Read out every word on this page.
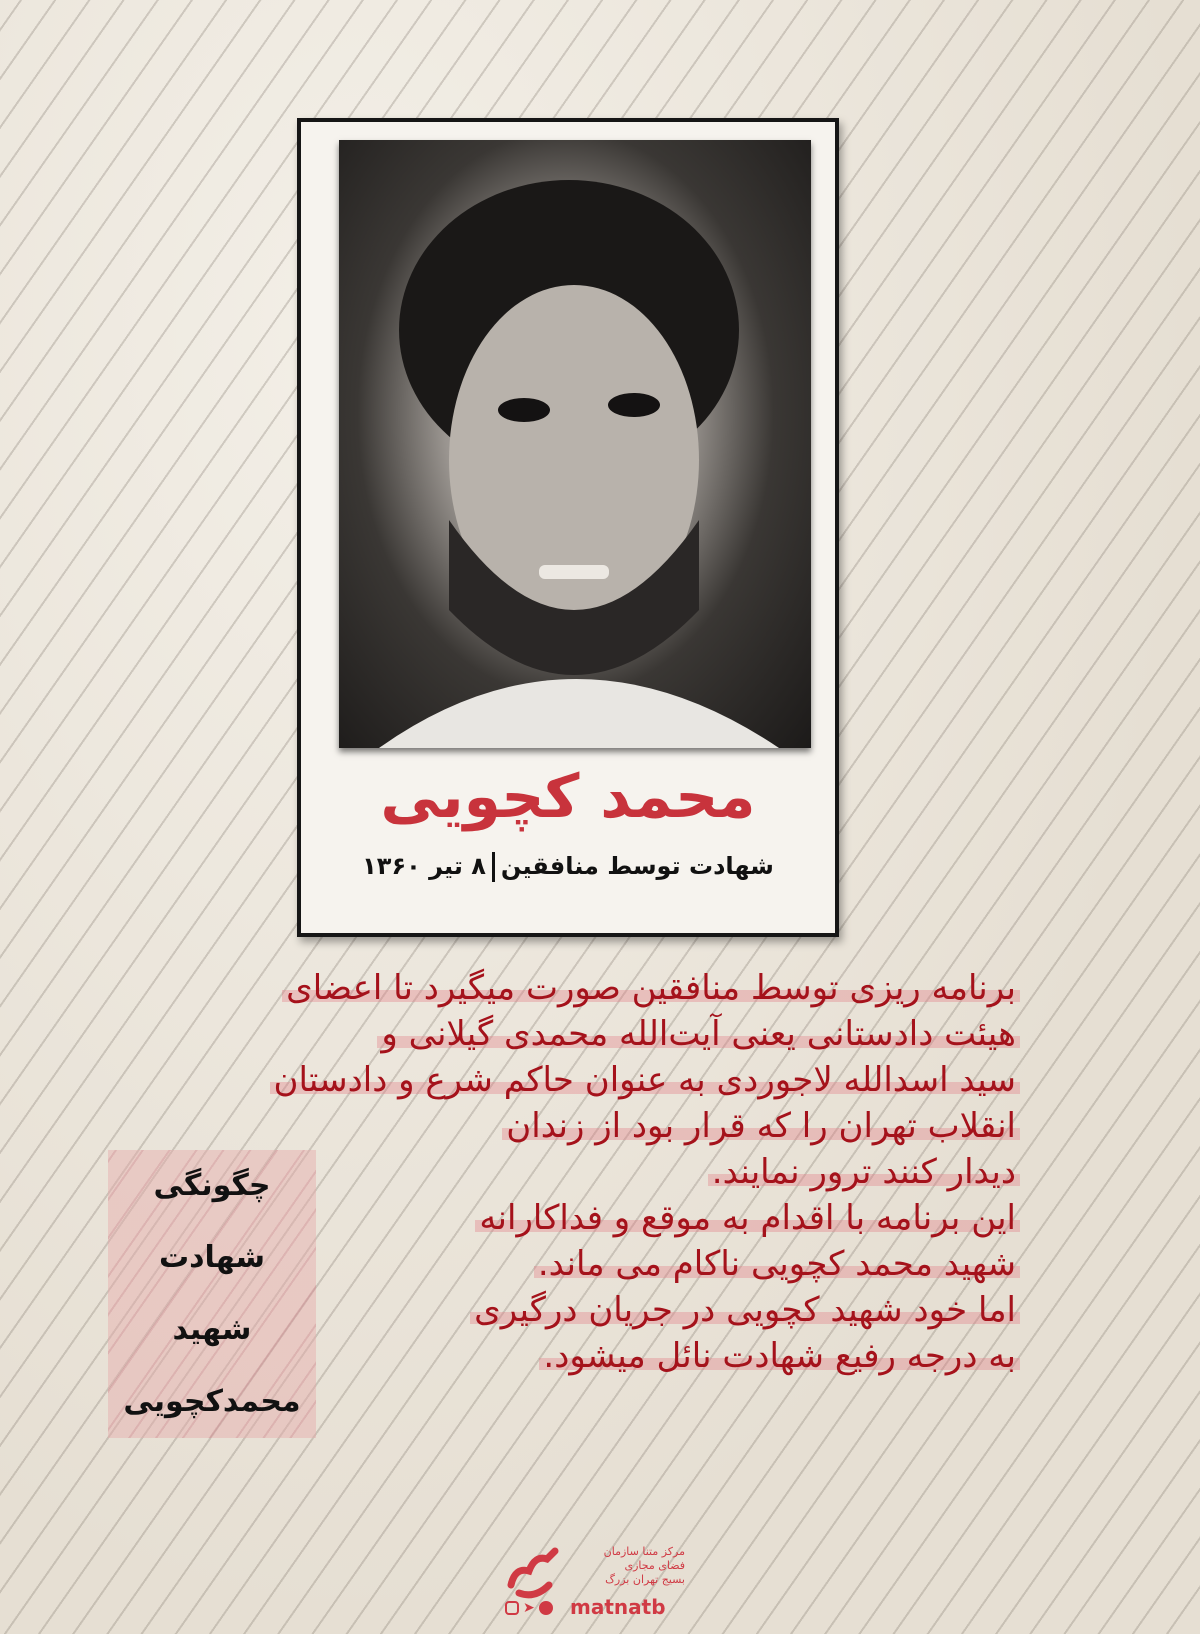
محمد کچویی
شهادت توسط منافقین۸ تیر ۱۳۶۰
برنامه ریزی توسط منافقین صورت میگیرد تا اعضای
هیئت دادستانی یعنی آیت‌الله محمدی گیلانی و
سید اسدالله لاجوردی به عنوان حاکم شرع و دادستان
انقلاب تهران را که قرار بود از زندان
دیدار کنند ترور نمایند.
این برنامه با اقدام به موقع و فداکارانه
شهید محمد کچویی ناکام می ماند.
اما خود شهید کچویی در جریان درگیری
به درجه رفیع شهادت نائل میشود.
چگونگی
شهادت
شهید
محمدکچویی
مرکز متنا سازمان
فضای مجازی
بسیج تهران بزرگ
➤ matnatb
